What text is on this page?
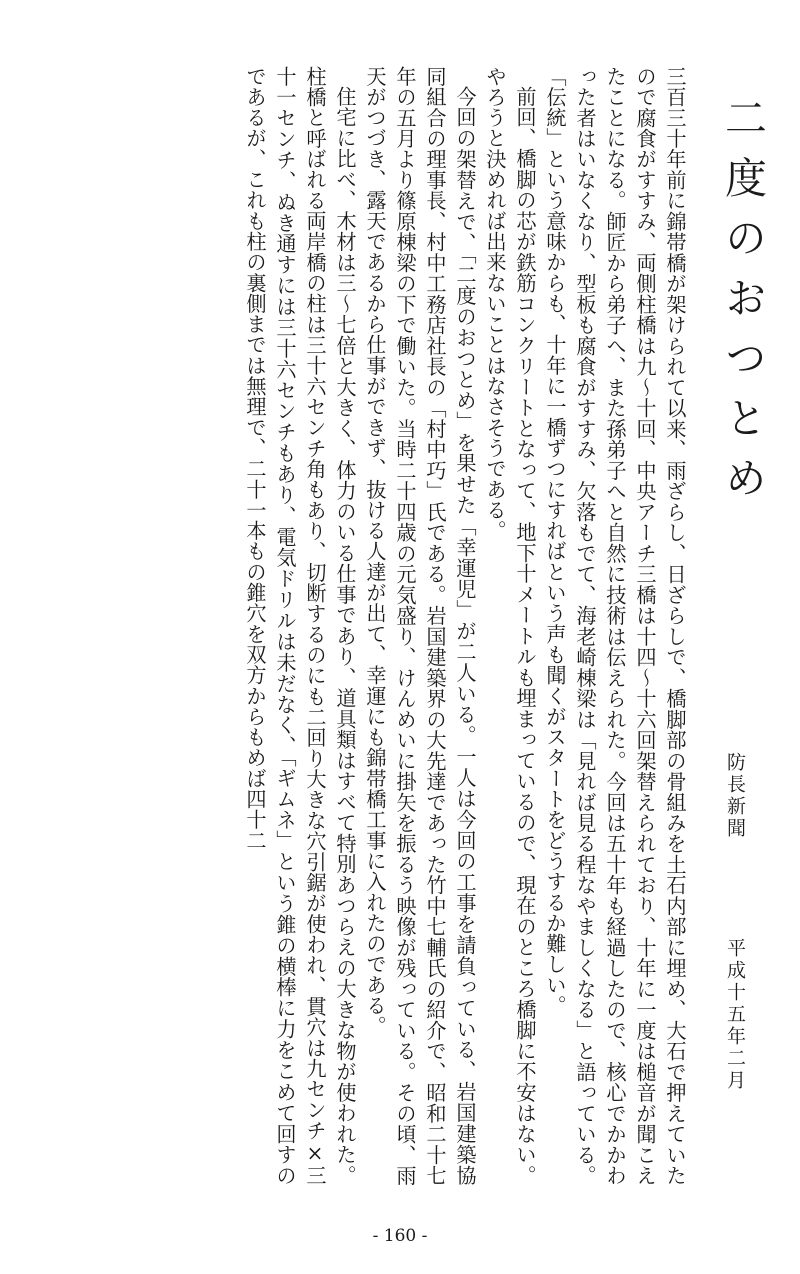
二度のおつとめ
防長新聞
平成十五年二月

三百三十年前に錦帯橋が架けられて以来、雨ざらし、日ざらしで、橋脚部の骨組みを土石内部に埋め、大石で押えていたので腐食がすすみ、両側柱橋は九〜十回、中央アーチ三橋は十四〜十六回架替えられており、十年に一度は槌音が聞こえたことになる。師匠から弟子へ、また孫弟子へと自然に技術は伝えられた。今回は五十年も経過したので、核心でかかわった者はいなくなり、型板も腐食がすすみ、欠落もでて、海老崎棟梁は「見れば見る程なやましくなる」と語っている。「伝統」という意味からも、十年に一橋ずつにすればという声も聞くがスタートをどうするか難しい。

前回、橋脚の芯が鉄筋コンクリートとなって、地下十メートルも埋まっているので、現在のところ橋脚に不安はない。やろうと決めれば出来ないことはなさそうである。

今回の架替えで、「二度のおつとめ」を果せた「幸運児」が二人いる。一人は今回の工事を請負っている、岩国建築協同組合の理事長、村中工務店社長の「村中巧」氏である。岩国建築界の大先達であった竹中七輔氏の紹介で、昭和二十七年の五月より篠原棟梁の下で働いた。当時二十四歳の元気盛り、けんめいに掛矢を振るう映像が残っている。その頃、雨天がつづき、露天であるから仕事ができず、抜ける人達が出て、幸運にも錦帯橋工事に入れたのである。

住宅に比べ、木材は三〜七倍と大きく、体力のいる仕事であり、道具類はすべて特別あつらえの大きな物が使われた。柱橋と呼ばれる両岸橋の柱は三十六センチ角もあり、切断するのにも二回り大きな穴引鋸が使われ、貫穴は九センチ×三十一センチ、ぬき通すには三十六センチもあり、電気ドリルは未だなく、「ギムネ」という錐の横棒に力をこめて回すのであるが、これも柱の裏側までは無理で、二十一本もの錐穴を双方からもめば四十二

- 160 -
